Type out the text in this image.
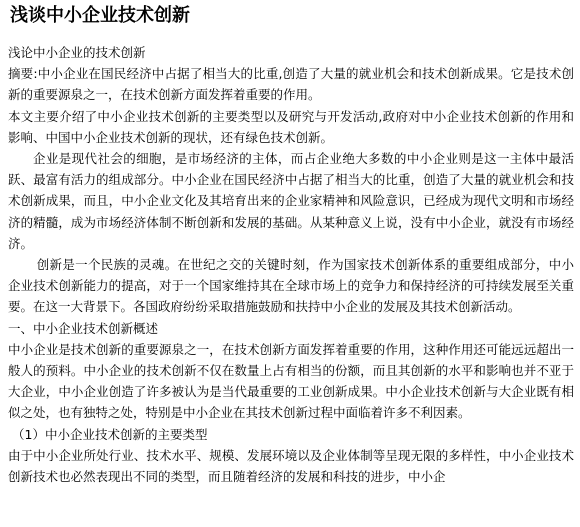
浅谈中小企业技术创新

浅论中小企业的技术创新

摘要:中小企业在国民经济中占据了相当大的比重,创造了大量的就业机会和技术创新成果。它是技术创新的重要源泉之一，在技术创新方面发挥着重要的作用。

本文主要介绍了中小企业技术创新的主要类型以及研究与开发活动,政府对中小企业技术创新的作用和影响、中国中小企业技术创新的现状，还有绿色技术创新。

企业是现代社会的细胞，是市场经济的主体，而占企业绝大多数的中小企业则是这一主体中最活跃、最富有活力的组成部分。中小企业在国民经济中占据了相当大的比重，创造了大量的就业机会和技术创新成果，而且，中小企业文化及其培育出来的企业家精神和风险意识，已经成为现代文明和市场经济的精髓，成为市场经济体制不断创新和发展的基础。从某种意义上说，没有中小企业，就没有市场经济。

创新是一个民族的灵魂。在世纪之交的关键时刻，作为国家技术创新体系的重要组成部分，中小企业技术创新能力的提高，对于一个国家维持其在全球市场上的竞争力和保持经济的可持续发展至关重要。在这一大背景下。各国政府纷纷采取措施鼓励和扶持中小企业的发展及其技术创新活动。

一、中小企业技术创新概述

中小企业是技术创新的重要源泉之一，在技术创新方面发挥着重要的作用，这种作用还可能远远超出一般人的预料。中小企业的技术创新不仅在数量上占有相当的份额，而且其创新的水平和影响也并不亚于大企业，中小企业创造了许多被认为是当代最重要的工业创新成果。中小企业技术创新与大企业既有相似之处，也有独特之处，特别是中小企业在其技术创新过程中面临着许多不利因素。

（1）中小企业技术创新的主要类型

由于中小企业所处行业、技术水平、规模、发展环境以及企业体制等呈现无限的多样性，中小企业技术创新技术也必然表现出不同的类型，而且随着经济的发展和科技的进步，中小企
